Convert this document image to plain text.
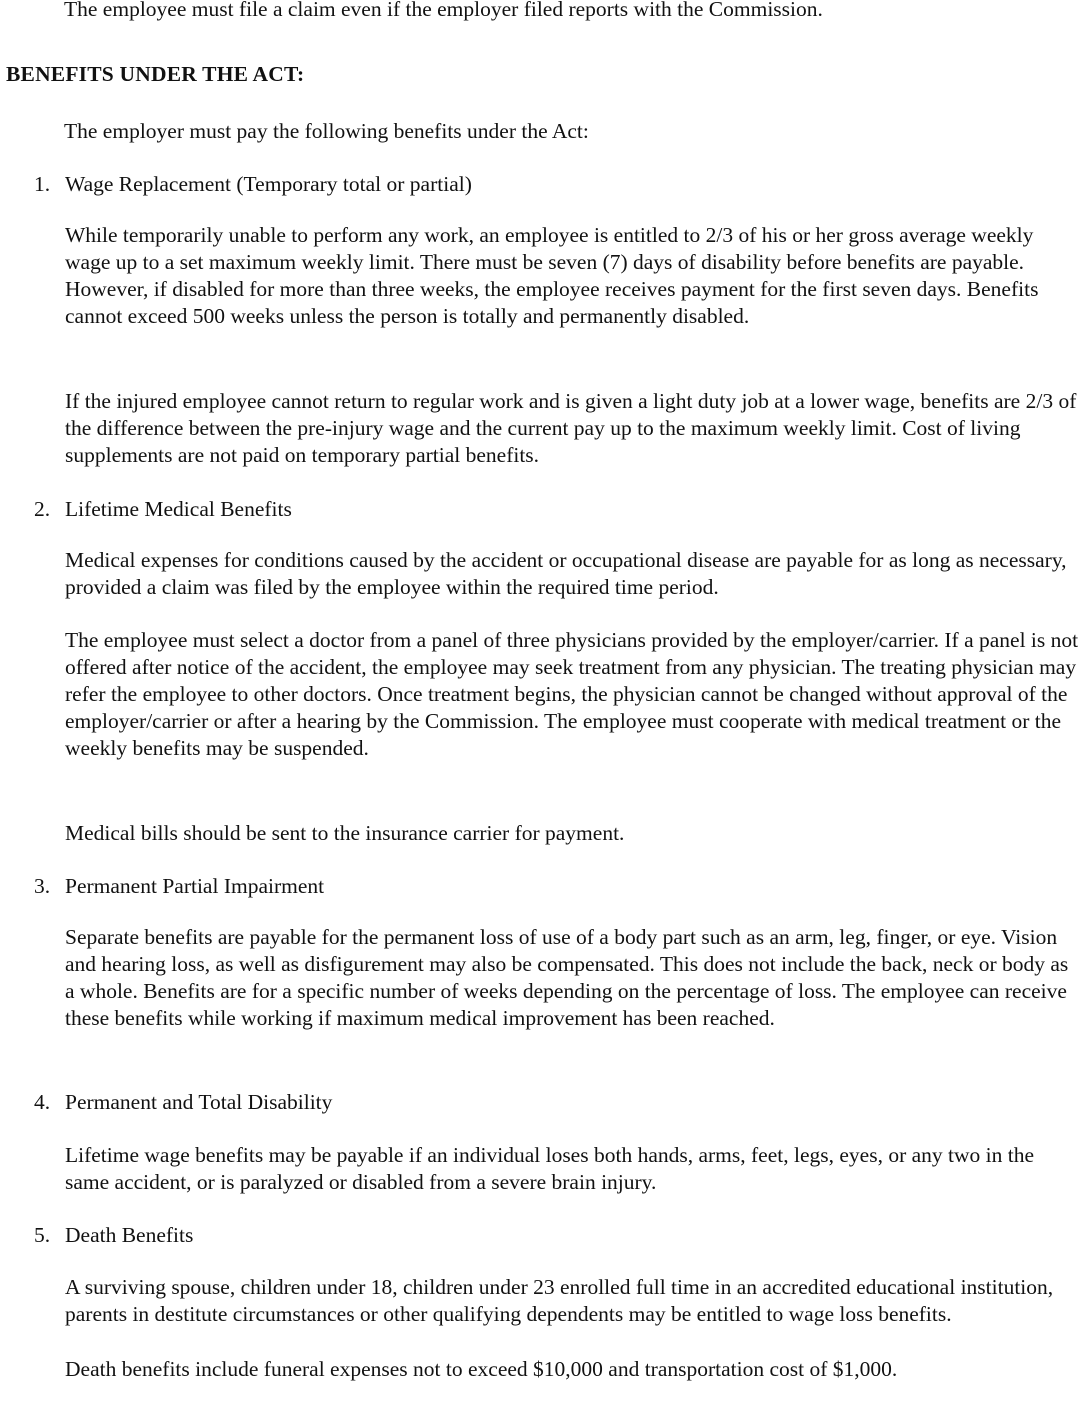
The employee must file a claim even if the employer filed reports with the Commission.

BENEFITS UNDER THE ACT:

The employer must pay the following benefits under the Act:

1. Wage Replacement (Temporary total or partial)

While temporarily unable to perform any work, an employee is entitled to 2/3 of his or her gross average weekly wage up to a set maximum weekly limit. There must be seven (7) days of disability before benefits are payable. However, if disabled for more than three weeks, the employee receives payment for the first seven days. Benefits cannot exceed 500 weeks unless the person is totally and permanently disabled.

If the injured employee cannot return to regular work and is given a light duty job at a lower wage, benefits are 2/3 of the difference between the pre-injury wage and the current pay up to the maximum weekly limit. Cost of living supplements are not paid on temporary partial benefits.

2. Lifetime Medical Benefits

Medical expenses for conditions caused by the accident or occupational disease are payable for as long as necessary, provided a claim was filed by the employee within the required time period.

The employee must select a doctor from a panel of three physicians provided by the employer/carrier. If a panel is not offered after notice of the accident, the employee may seek treatment from any physician. The treating physician may refer the employee to other doctors. Once treatment begins, the physician cannot be changed without approval of the employer/carrier or after a hearing by the Commission. The employee must cooperate with medical treatment or the weekly benefits may be suspended.

Medical bills should be sent to the insurance carrier for payment.

3. Permanent Partial Impairment

Separate benefits are payable for the permanent loss of use of a body part such as an arm, leg, finger, or eye. Vision and hearing loss, as well as disfigurement may also be compensated. This does not include the back, neck or body as a whole. Benefits are for a specific number of weeks depending on the percentage of loss. The employee can receive these benefits while working if maximum medical improvement has been reached.

4. Permanent and Total Disability

Lifetime wage benefits may be payable if an individual loses both hands, arms, feet, legs, eyes, or any two in the same accident, or is paralyzed or disabled from a severe brain injury.

5. Death Benefits

A surviving spouse, children under 18, children under 23 enrolled full time in an accredited educational institution, parents in destitute circumstances or other qualifying dependents may be entitled to wage loss benefits.

Death benefits include funeral expenses not to exceed $10,000 and transportation cost of $1,000.
